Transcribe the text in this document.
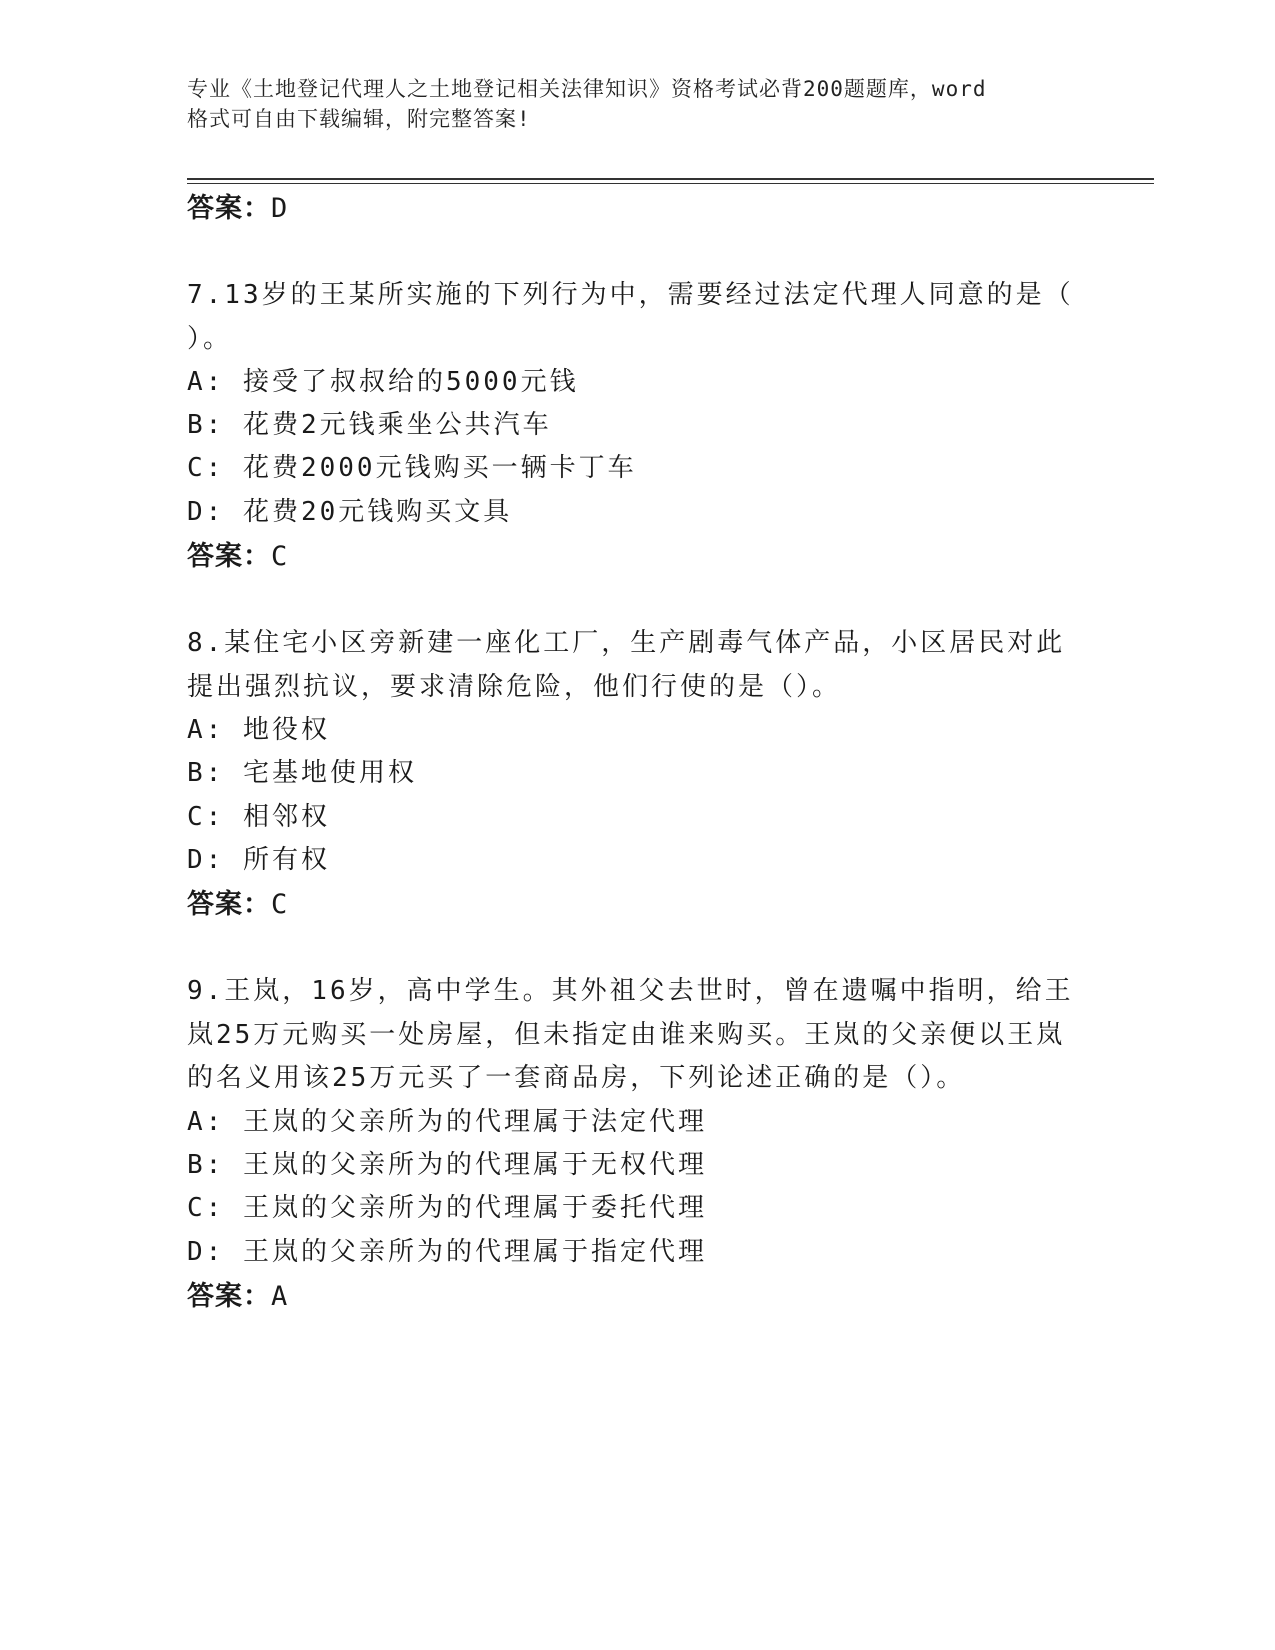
专业《土地登记代理人之土地登记相关法律知识》资格考试必背200题题库，word
格式可自由下载编辑，附完整答案!
答案：D
7.13岁的王某所实施的下列行为中，需要经过法定代理人同意的是（
）。
A: 接受了叔叔给的5000元钱
B: 花费2元钱乘坐公共汽车
C: 花费2000元钱购买一辆卡丁车
D: 花费20元钱购买文具
答案：C
8.某住宅小区旁新建一座化工厂，生产剧毒气体产品，小区居民对此
提出强烈抗议，要求清除危险，他们行使的是（）。
A: 地役权
B: 宅基地使用权
C: 相邻权
D: 所有权
答案：C
9.王岚，16岁，高中学生。其外祖父去世时，曾在遗嘱中指明，给王
岚25万元购买一处房屋，但未指定由谁来购买。王岚的父亲便以王岚
的名义用该25万元买了一套商品房，下列论述正确的是（）。
A: 王岚的父亲所为的代理属于法定代理
B: 王岚的父亲所为的代理属于无权代理
C: 王岚的父亲所为的代理属于委托代理
D: 王岚的父亲所为的代理属于指定代理
答案：A
